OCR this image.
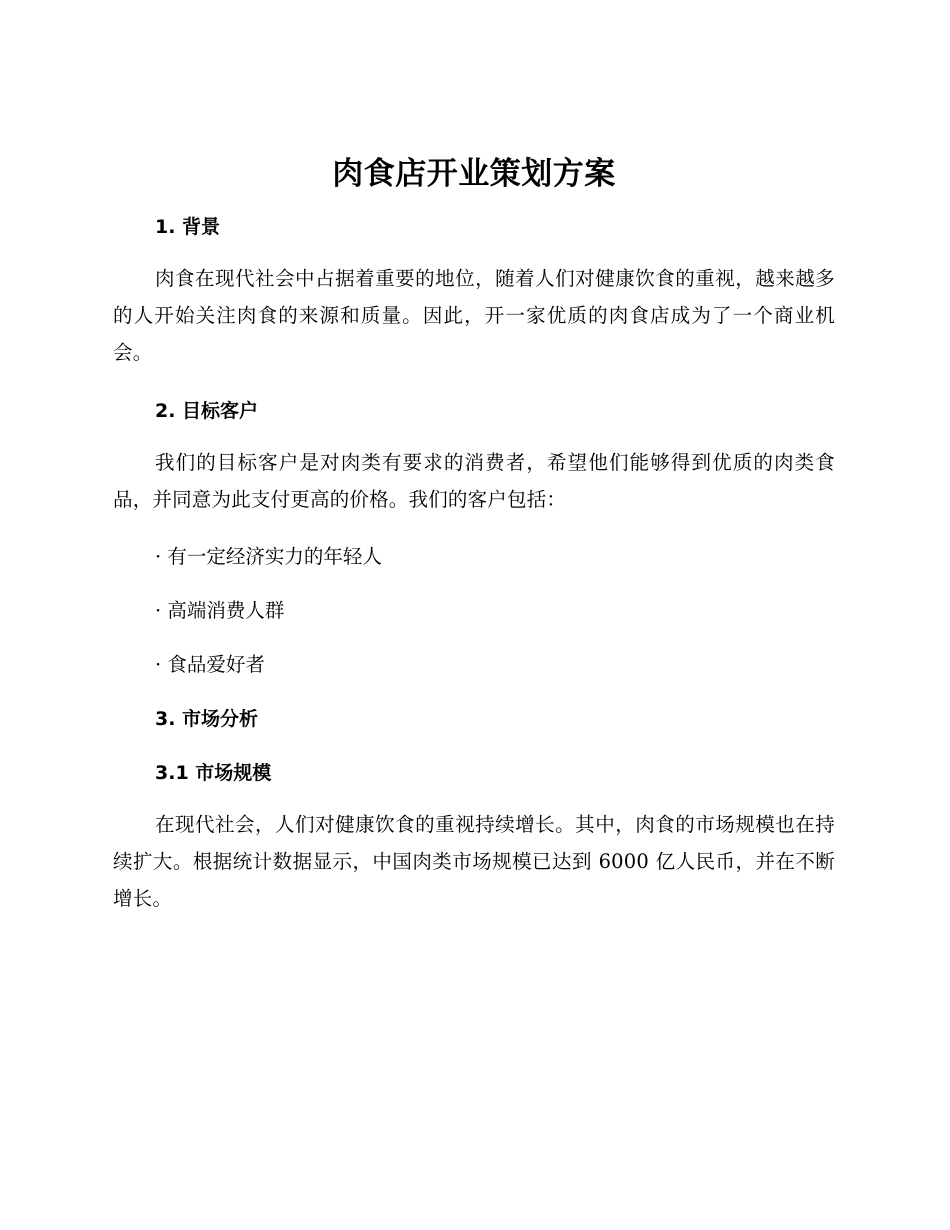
肉食店开业策划方案
1. 背景

肉食在现代社会中占据着重要的地位，随着人们对健康饮食的重视，越来越多的人开始关注肉食的来源和质量。因此，开一家优质的肉食店成为了一个商业机会。

2. 目标客户

我们的目标客户是对肉类有要求的消费者，希望他们能够得到优质的肉类食品，并同意为此支付更高的价格。我们的客户包括：

· 有一定经济实力的年轻人

· 高端消费人群

· 食品爱好者

3. 市场分析
3.1 市场规模

在现代社会，人们对健康饮食的重视持续增长。其中，肉食的市场规模也在持续扩大。根据统计数据显示，中国肉类市场规模已达到 6000 亿人民币，并在不断增长。
